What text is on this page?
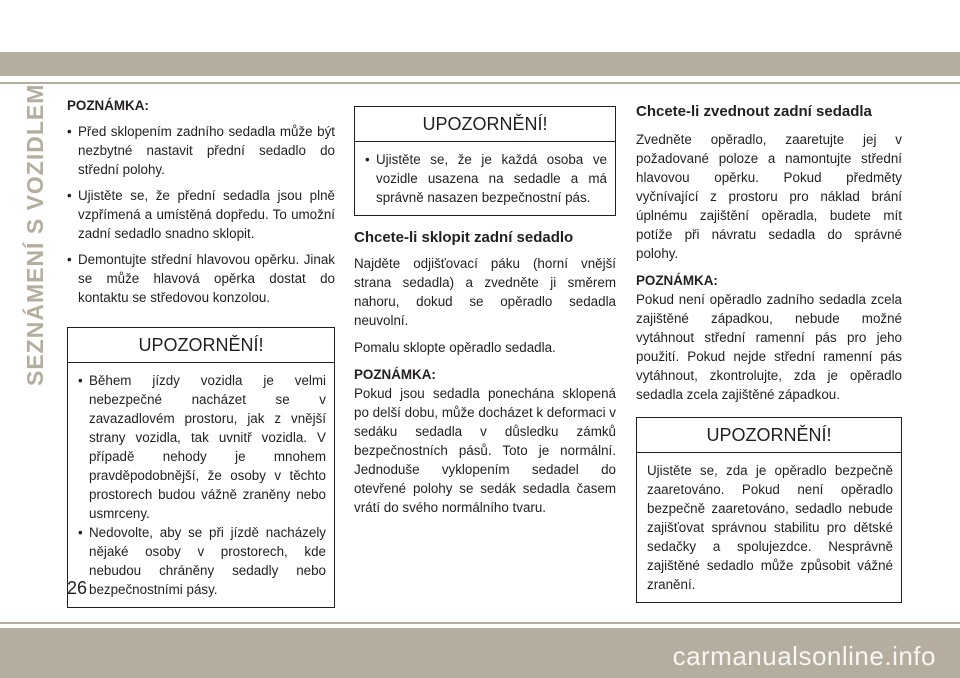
SEZNÁMENÍ S VOZIDLEM POZNÁMKA:

• Před sklopením zadního sedadla může být nezbytné nastavit přední sedadlo do střední polohy.
• Ujistěte se, že přední sedadla jsou plně vzpřímená a umístěná dopředu. To umožní zadní sedadlo snadno sklopit.
• Demontujte střední hlavovou opěrku. Jinak se může hlavová opěrka dostat do kontaktu se středovou konzolou.
UPOZORNĚNÍ!
• Během jízdy vozidla je velmi nebezpečné nacházet se v zavazadlovém prostoru, jak z vnější strany vozidla, tak uvnitř vozidla. V případě nehody je mnohem pravděpodobnější, že osoby v těchto prostorech budou vážně zraněny nebo usmrceny.
• Nedovolte, aby se při jízdě nacházely nějaké osoby v prostorech, kde nebudou chráněny sedadly nebo bezpečnostními pásy.
UPOZORNĚNÍ!
• Ujistěte se, že je každá osoba ve vozidle usazena na sedadle a má správně nasazen bezpečnostní pás.
Chcete-li sklopit zadní sedadlo

Najděte odjišťovací páku (horní vnější strana sedadla) a zvedněte ji směrem nahoru, dokud se opěradlo sedadla neuvolní.

Pomalu sklopte opěradlo sedadla.

POZNÁMKA:

Pokud jsou sedadla ponechána sklopená po delší dobu, může docházet k deformaci v sedáku sedadla v důsledku zámků bezpečnostních pásů. Toto je normální. Jednoduše vyklopením sedadel do otevřené polohy se sedák sedadla časem vrátí do svého normálního tvaru.

Chcete-li zvednout zadní sedadla

Zvedněte opěradlo, zaaretujte jej v požadované poloze a namontujte střední hlavovou opěrku. Pokud předměty vyčnívající z prostoru pro náklad brání úplnému zajištění opěradla, budete mít potíže při návratu sedadla do správné polohy.

POZNÁMKA:

Pokud není opěradlo zadního sedadla zcela zajištěné západkou, nebude možné vytáhnout střední ramenní pás pro jeho použití. Pokud nejde střední ramenní pás vytáhnout, zkontrolujte, zda je opěradlo sedadla zcela zajištěné západkou.

UPOZORNĚNÍ!

Ujistěte se, zda je opěradlo bezpečně zaaretováno. Pokud není opěradlo bezpečně zaaretováno, sedadlo nebude zajišťovat správnou stabilitu pro dětské sedačky a spolujezdce. Nesprávně zajištěné sedadlo může způsobit vážné zranění.

26
carmanualsonline.info
